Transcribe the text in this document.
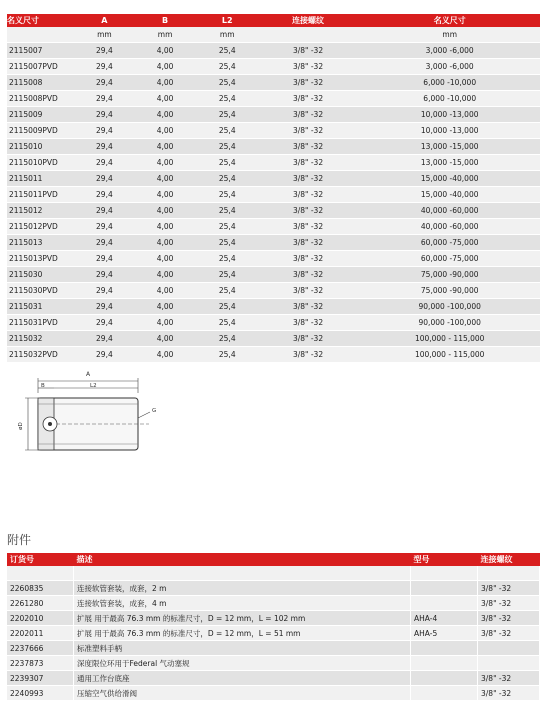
名义尺寸	A	B	L2	连接螺纹	名义尺寸
	mm	mm	mm		mm
2115007	29,4	4,00	25,4	3/8" -32	3,000 -6,000
2115007PVD	29,4	4,00	25,4	3/8" -32	3,000 -6,000
2115008	29,4	4,00	25,4	3/8" -32	6,000 -10,000
2115008PVD	29,4	4,00	25,4	3/8" -32	6,000 -10,000
2115009	29,4	4,00	25,4	3/8" -32	10,000 -13,000
2115009PVD	29,4	4,00	25,4	3/8" -32	10,000 -13,000
2115010	29,4	4,00	25,4	3/8" -32	13,000 -15,000
2115010PVD	29,4	4,00	25,4	3/8" -32	13,000 -15,000
2115011	29,4	4,00	25,4	3/8" -32	15,000 -40,000
2115011PVD	29,4	4,00	25,4	3/8" -32	15,000 -40,000
2115012	29,4	4,00	25,4	3/8" -32	40,000 -60,000
2115012PVD	29,4	4,00	25,4	3/8" -32	40,000 -60,000
2115013	29,4	4,00	25,4	3/8" -32	60,000 -75,000
2115013PVD	29,4	4,00	25,4	3/8" -32	60,000 -75,000
2115030	29,4	4,00	25,4	3/8" -32	75,000 -90,000
2115030PVD	29,4	4,00	25,4	3/8" -32	75,000 -90,000
2115031	29,4	4,00	25,4	3/8" -32	90,000 -100,000
2115031PVD	29,4	4,00	25,4	3/8" -32	90,000 -100,000
2115032	29,4	4,00	25,4	3/8" -32	100,000 - 115,000
2115032PVD	29,4	4,00	25,4	3/8" -32	100,000 - 115,000
A
B	L2
G
øD
附件
订货号	描述	型号	连接螺纹

2260835	连接软管套装，成套，2 m		3/8" -32
2261280	连接软管套装，成套，4 m		3/8" -32
2202010	扩展 用于最高 76.3 mm 的标准尺寸，D = 12 mm，L = 102 mm	AHA-4	3/8" -32
2202011	扩展 用于最高 76.3 mm 的标准尺寸，D = 12 mm，L = 51 mm	AHA-5	3/8" -32
2237666	标准塑料手柄		
2237873	深度限位环用于Federal 气动塞规		
2239307	通用工作台底座		3/8" -32
2240993	压缩空气供给滑阀		3/8" -32
